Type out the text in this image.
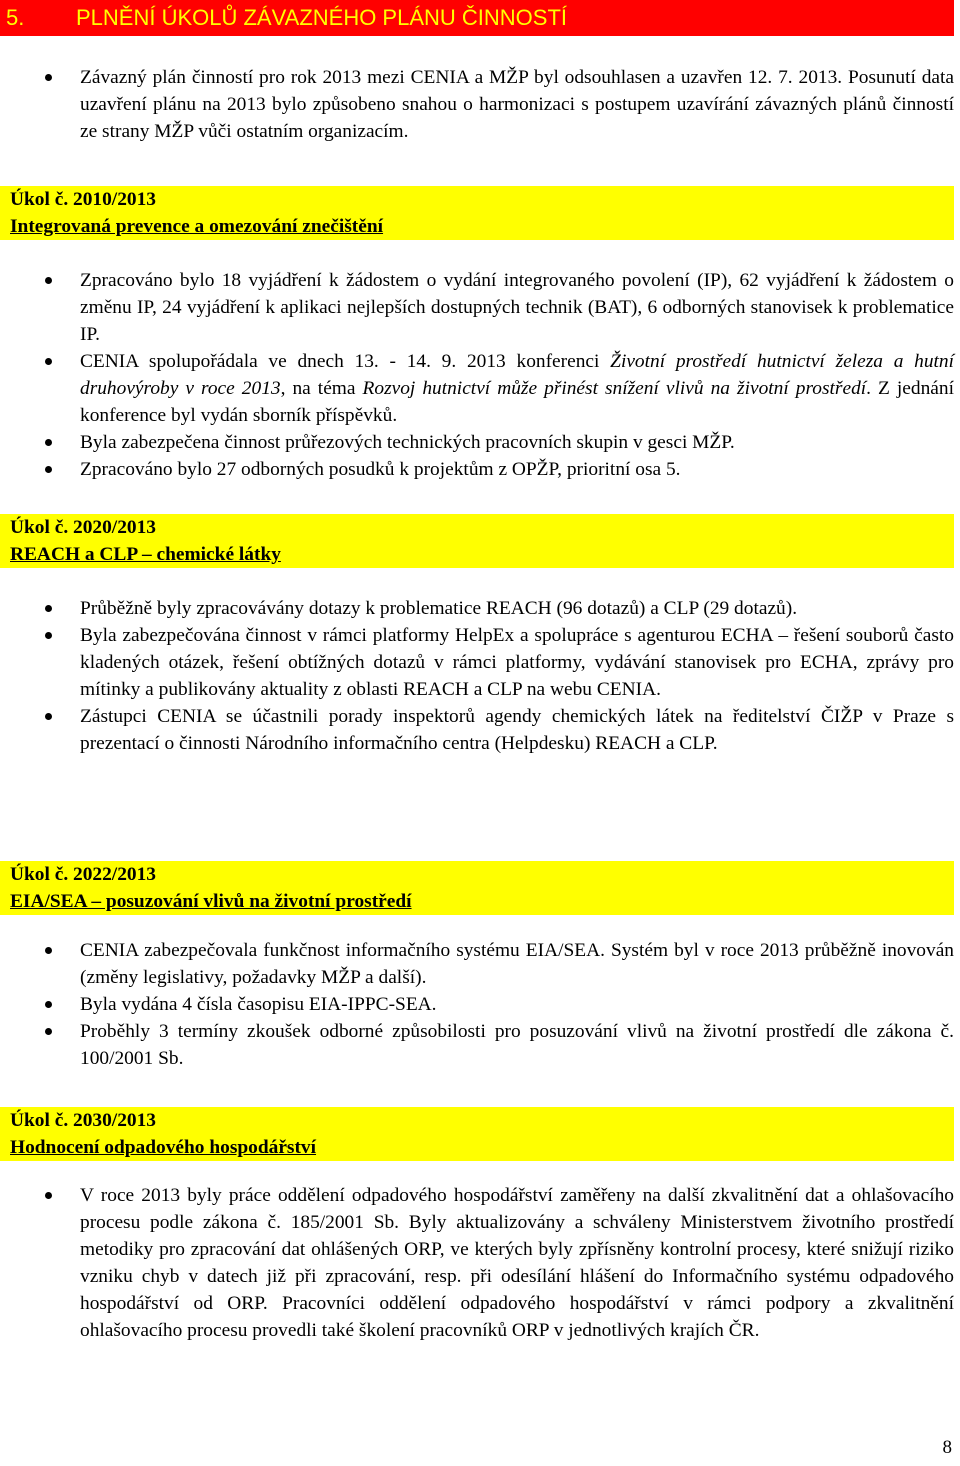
5. PLNĚNÍ ÚKOLŮ ZÁVAZNÉHO PLÁNU ČINNOSTÍ
Závazný plán činností pro rok 2013 mezi CENIA a MŽP byl odsouhlasen a uzavřen 12. 7. 2013. Posunutí data uzavření plánu na 2013 bylo způsobeno snahou o harmonizaci s postupem uzavírání závazných plánů činností ze strany MŽP vůči ostatním organizacím.
Úkol č. 2010/2013
Integrovaná prevence a omezování znečištění
Zpracováno bylo 18 vyjádření k žádostem o vydání integrovaného povolení (IP), 62 vyjádření k žádostem o změnu IP, 24 vyjádření k aplikaci nejlepších dostupných technik (BAT), 6 odborných stanovisek k problematice IP.
CENIA spolupořádala ve dnech 13. - 14. 9. 2013 konferenci Životní prostředí hutnictví železa a hutní druhovýroby v roce 2013, na téma Rozvoj hutnictví může přinést snížení vlivů na životní prostředí. Z jednání konference byl vydán sborník příspěvků.
Byla zabezpečena činnost průřezových technických pracovních skupin v gesci MŽP.
Zpracováno bylo 27 odborných posudků k projektům z OPŽP, prioritní osa 5.
Úkol č. 2020/2013
REACH a CLP – chemické látky
Průběžně byly zpracovávány dotazy k problematice REACH (96 dotazů) a CLP (29 dotazů).
Byla zabezpečována činnost v rámci platformy HelpEx a spolupráce s agenturou ECHA – řešení souborů často kladených otázek, řešení obtížných dotazů v rámci platformy, vydávání stanovisek pro ECHA, zprávy pro mítinky a publikovány aktuality z oblasti REACH a CLP na webu CENIA.
Zástupci CENIA se účastnili porady inspektorů agendy chemických látek na ředitelství ČIŽP v Praze s prezentací o činnosti Národního informačního centra (Helpdesku) REACH a CLP.
Úkol č. 2022/2013
EIA/SEA – posuzování vlivů na životní prostředí
CENIA zabezpečovala funkčnost informačního systému EIA/SEA. Systém byl v roce 2013 průběžně inovován (změny legislativy, požadavky MŽP a další).
Byla vydána 4 čísla časopisu EIA-IPPC-SEA.
Proběhly 3 termíny zkoušek odborné způsobilosti pro posuzování vlivů na životní prostředí dle zákona č. 100/2001 Sb.
Úkol č. 2030/2013
Hodnocení odpadového hospodářství
V roce 2013 byly práce oddělení odpadového hospodářství zaměřeny na další zkvalitnění dat a ohlašovacího procesu podle zákona č. 185/2001 Sb. Byly aktualizovány a schváleny Ministerstvem životního prostředí metodiky pro zpracování dat ohlášených ORP, ve kterých byly zpřísněny kontrolní procesy, které snižují riziko vzniku chyb v datech již při zpracování, resp. při odesílání hlášení do Informačního systému odpadového hospodářství od ORP. Pracovníci oddělení odpadového hospodářství v rámci podpory a zkvalitnění ohlašovacího procesu provedli také školení pracovníků ORP v jednotlivých krajích ČR.
8
